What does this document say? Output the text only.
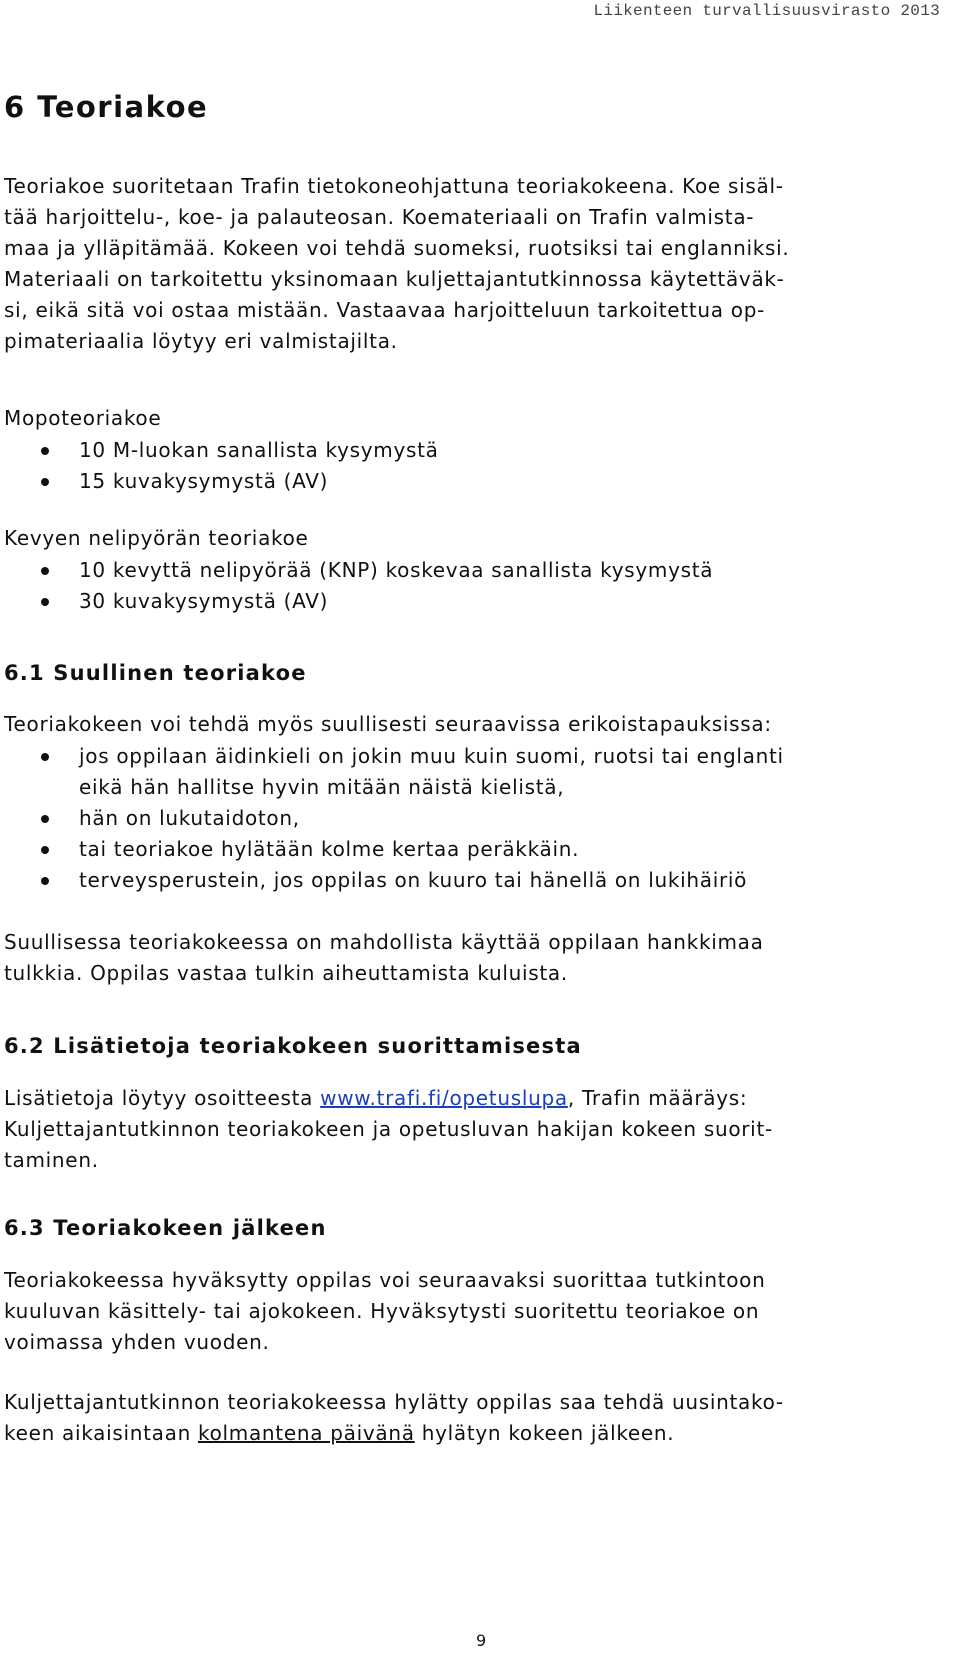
Liikenteen turvallisuusvirasto 2013

6 Teoriakoe

Teoriakoe suoritetaan Trafin tietokoneohjattuna teoriakokeena. Koe sisäl-
tää harjoittelu-, koe- ja palauteosan. Koemateriaali on Trafin valmista-
maa ja ylläpitämää. Kokeen voi tehdä suomeksi, ruotsiksi tai englanniksi.
Materiaali on tarkoitettu yksinomaan kuljettajantutkinnossa käytettäväk-
si, eikä sitä voi ostaa mistään. Vastaavaa harjoitteluun tarkoitettua op-
pimateriaalia löytyy eri valmistajilta.

Mopoteoriakoe

10 M-luokan sanallista kysymystä
15 kuvakysymystä (AV)

Kevyen nelipyörän teoriakoe

10 kevyttä nelipyörää (KNP) koskevaa sanallista kysymystä
30 kuvakysymystä (AV)
6.1 Suullinen teoriakoe

Teoriakokeen voi tehdä myös suullisesti seuraavissa erikoistapauksissa:

jos oppilaan äidinkieli on jokin muu kuin suomi, ruotsi tai englanti
eikä hän hallitse hyvin mitään näistä kielistä,
hän on lukutaidoton,
tai teoriakoe hylätään kolme kertaa peräkkäin.
terveysperustein, jos oppilas on kuuro tai hänellä on lukihäiriö

Suullisessa teoriakokeessa on mahdollista käyttää oppilaan hankkimaa
tulkkia. Oppilas vastaa tulkin aiheuttamista kuluista.

6.2 Lisätietoja teoriakokeen suorittamisesta

Lisätietoja löytyy osoitteesta www.trafi.fi/opetuslupa, Trafin määräys:
Kuljettajantutkinnon teoriakokeen ja opetusluvan hakijan kokeen suorit-
taminen.

6.3 Teoriakokeen jälkeen

Teoriakokeessa hyväksytty oppilas voi seuraavaksi suorittaa tutkintoon
kuuluvan käsittely- tai ajokokeen. Hyväksytysti suoritettu teoriakoe on
voimassa yhden vuoden.

Kuljettajantutkinnon teoriakokeessa hylätty oppilas saa tehdä uusintako-
keen aikaisintaan kolmantena päivänä hylätyn kokeen jälkeen.

9
